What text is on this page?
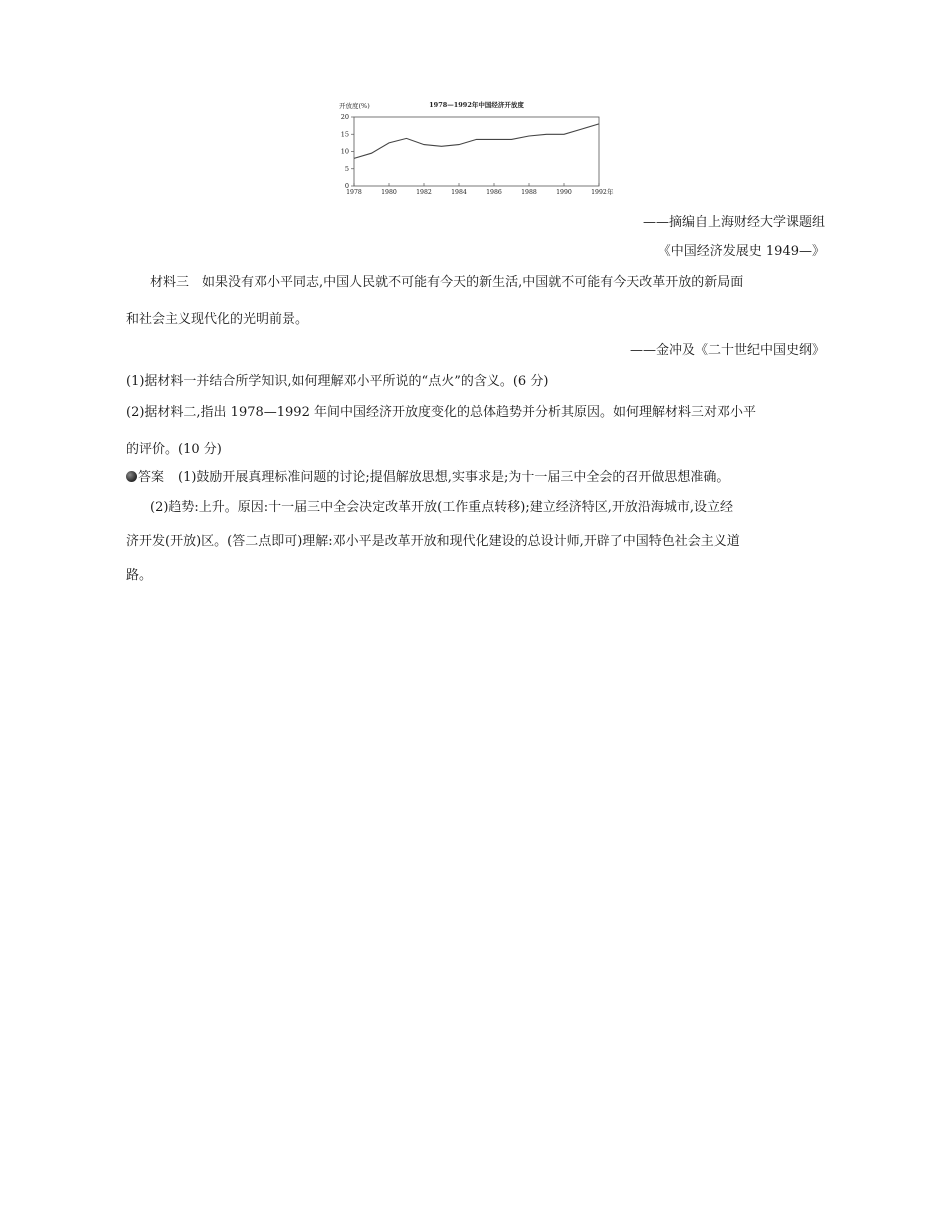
开放度(%)	1978—1992年中国经济开放度
0
5
10
15
20
1978	1980	1982	1984	1986	1988	1990	1992 年
——摘编自上海财经大学课题组
《中国经济发展史 1949—》
材料三　如果没有邓小平同志,中国人民就不可能有今天的新生活,中国就不可能有今天改革开放的新局面
和社会主义现代化的光明前景。
——金冲及《二十世纪中国史纲》
(1)据材料一并结合所学知识,如何理解邓小平所说的“点火”的含义。(6 分)
(2)据材料二,指出 1978—1992 年间中国经济开放度变化的总体趋势并分析其原因。如何理解材料三对邓小平
的评价。(10 分)
答案 (1)鼓励开展真理标准问题的讨论;提倡解放思想,实事求是;为十一届三中全会的召开做思想准确。
(2)趋势:上升。原因:十一届三中全会决定改革开放(工作重点转移);建立经济特区,开放沿海城市,设立经
济开发(开放)区。(答二点即可)理解:邓小平是改革开放和现代化建设的总设计师,开辟了中国特色社会主义道
路。
